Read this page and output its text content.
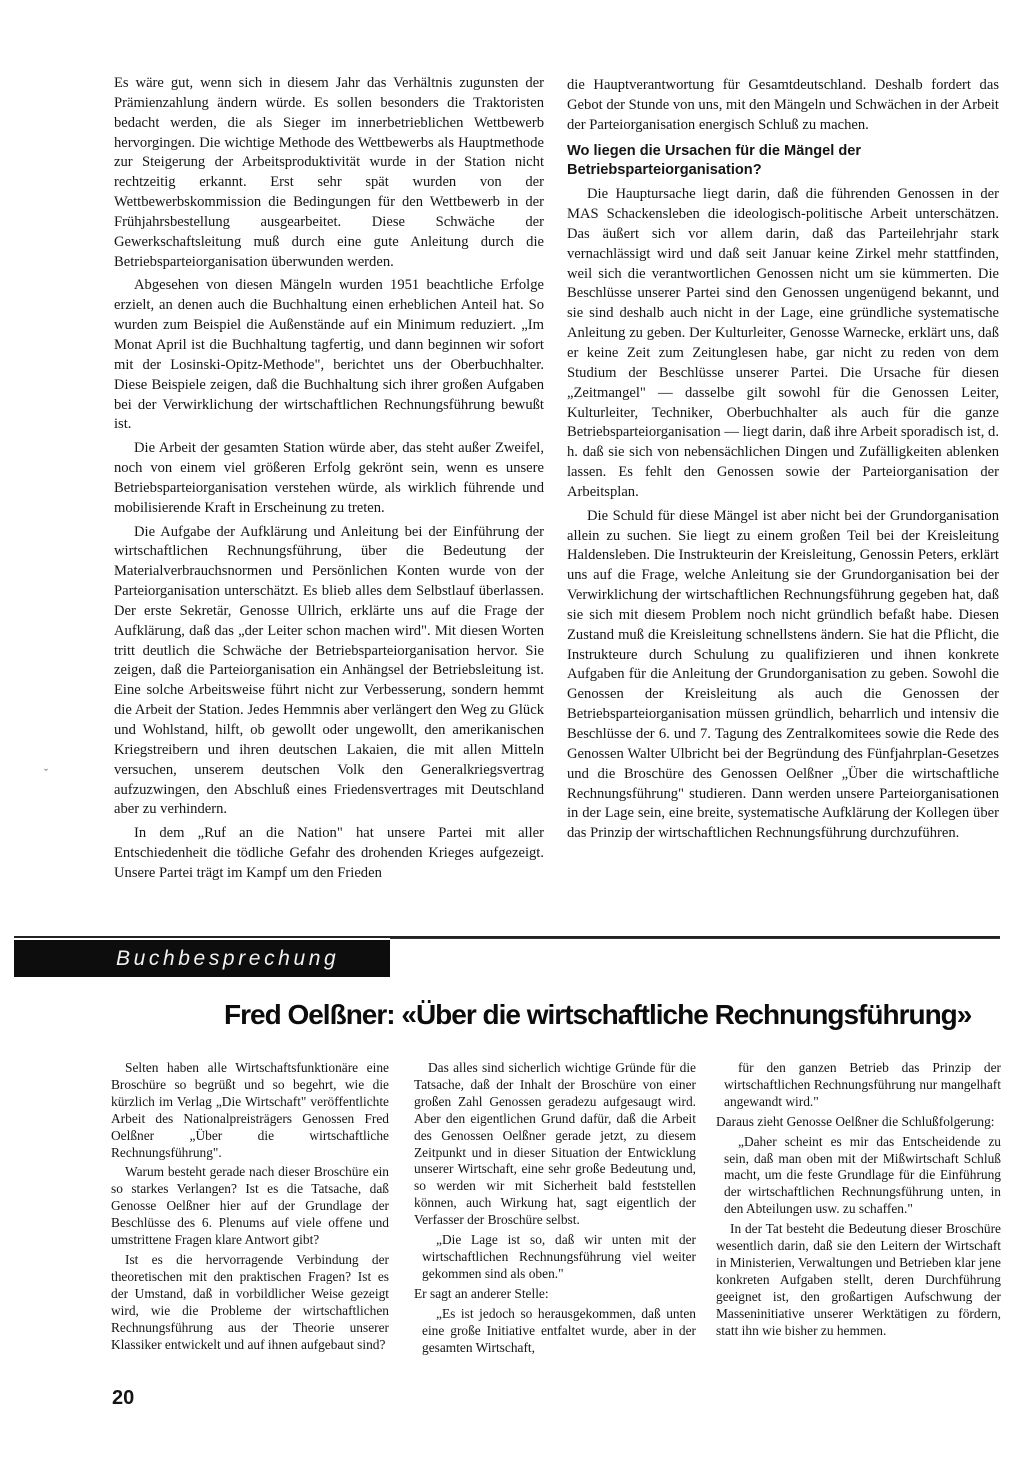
Es wäre gut, wenn sich in diesem Jahr das Verhältnis zugunsten der Prämienzahlung ändern würde. Es sollen besonders die Traktoristen bedacht werden, die als Sieger im innerbetrieblichen Wettbewerb hervorgingen. Die wichtige Methode des Wettbewerbs als Hauptmethode zur Steigerung der Arbeitsproduktivität wurde in der Station nicht rechtzeitig erkannt. Erst sehr spät wurden von der Wettbewerbskommission die Bedingungen für den Wettbewerb in der Frühjahrsbestellung ausgearbeitet. Diese Schwäche der Gewerkschaftsleitung muß durch eine gute Anleitung durch die Betriebsparteiorganisation überwunden werden.

Abgesehen von diesen Mängeln wurden 1951 beachtliche Erfolge erzielt, an denen auch die Buchhaltung einen erheblichen Anteil hat. So wurden zum Beispiel die Außenstände auf ein Minimum reduziert. „Im Monat April ist die Buchhaltung tagfertig, und dann beginnen wir sofort mit der Losinski-Opitz-Methode", berichtet uns der Oberbuchhalter. Diese Beispiele zeigen, daß die Buchhaltung sich ihrer großen Aufgaben bei der Verwirklichung der wirtschaftlichen Rechnungsführung bewußt ist.

Die Arbeit der gesamten Station würde aber, das steht außer Zweifel, noch von einem viel größeren Erfolg gekrönt sein, wenn es unsere Betriebsparteiorganisation verstehen würde, als wirklich führende und mobilisierende Kraft in Erscheinung zu treten.

Die Aufgabe der Aufklärung und Anleitung bei der Einführung der wirtschaftlichen Rechnungsführung, über die Bedeutung der Materialverbrauchsnormen und Persönlichen Konten wurde von der Parteiorganisation unterschätzt. Es blieb alles dem Selbstlauf überlassen. Der erste Sekretär, Genosse Ullrich, erklärte uns auf die Frage der Aufklärung, daß das „der Leiter schon machen wird". Mit diesen Worten tritt deutlich die Schwäche der Betriebsparteiorganisation hervor. Sie zeigen, daß die Parteiorganisation ein Anhängsel der Betriebsleitung ist. Eine solche Arbeitsweise führt nicht zur Verbesserung, sondern hemmt die Arbeit der Station. Jedes Hemmnis aber verlängert den Weg zu Glück und Wohlstand, hilft, ob gewollt oder ungewollt, den amerikanischen Kriegstreibern und ihren deutschen Lakaien, die mit allen Mitteln versuchen, unserem deutschen Volk den Generalkriegsvertrag aufzuzwingen, den Abschluß eines Friedensvertrages mit Deutschland aber zu verhindern.

In dem „Ruf an die Nation" hat unsere Partei mit aller Entschiedenheit die tödliche Gefahr des drohenden Krieges aufgezeigt. Unsere Partei trägt im Kampf um den Frieden

ˇ

die Hauptverantwortung für Gesamtdeutschland. Deshalb fordert das Gebot der Stunde von uns, mit den Mängeln und Schwächen in der Arbeit der Parteiorganisation energisch Schluß zu machen.

Wo liegen die Ursachen für die Mängel der Betriebsparteiorganisation?

Die Hauptursache liegt darin, daß die führenden Genossen in der MAS Schackensleben die ideologisch-politische Arbeit unterschätzen. Das äußert sich vor allem darin, daß das Parteilehrjahr stark vernachlässigt wird und daß seit Januar keine Zirkel mehr stattfinden, weil sich die verantwortlichen Genossen nicht um sie kümmerten. Die Beschlüsse unserer Partei sind den Genossen ungenügend bekannt, und sie sind deshalb auch nicht in der Lage, eine gründliche systematische Anleitung zu geben. Der Kulturleiter, Genosse Warnecke, erklärt uns, daß er keine Zeit zum Zeitunglesen habe, gar nicht zu reden von dem Studium der Beschlüsse unserer Partei. Die Ursache für diesen „Zeitmangel" — dasselbe gilt sowohl für die Genossen Leiter, Kulturleiter, Techniker, Oberbuchhalter als auch für die ganze Betriebsparteiorganisation — liegt darin, daß ihre Arbeit sporadisch ist, d. h. daß sie sich von nebensächlichen Dingen und Zufälligkeiten ablenken lassen. Es fehlt den Genossen sowie der Parteiorganisation der Arbeitsplan.

Die Schuld für diese Mängel ist aber nicht bei der Grundorganisation allein zu suchen. Sie liegt zu einem großen Teil bei der Kreisleitung Haldensleben. Die Instrukteurin der Kreisleitung, Genossin Peters, erklärt uns auf die Frage, welche Anleitung sie der Grundorganisation bei der Verwirklichung der wirtschaftlichen Rechnungsführung gegeben hat, daß sie sich mit diesem Problem noch nicht gründlich befaßt habe. Diesen Zustand muß die Kreisleitung schnellstens ändern. Sie hat die Pflicht, die Instrukteure durch Schulung zu qualifizieren und ihnen konkrete Aufgaben für die Anleitung der Grundorganisation zu geben. Sowohl die Genossen der Kreisleitung als auch die Genossen der Betriebsparteiorganisation müssen gründlich, beharrlich und intensiv die Beschlüsse der 6. und 7. Tagung des Zentralkomitees sowie die Rede des Genossen Walter Ulbricht bei der Begründung des Fünfjahrplan-Gesetzes und die Broschüre des Genossen Oelßner „Über die wirtschaftliche Rechnungsführung" studieren. Dann werden unsere Parteiorganisationen in der Lage sein, eine breite, systematische Aufklärung der Kollegen über das Prinzip der wirtschaftlichen Rechnungsführung durchzuführen.

Buchbesprechung
Fred Oelßner: «Über die wirtschaftliche Rechnungsführung»

Selten haben alle Wirtschaftsfunktionäre eine Broschüre so begrüßt und so begehrt, wie die kürzlich im Verlag „Die Wirtschaft" veröffentlichte Arbeit des Nationalpreisträgers Genossen Fred Oelßner „Über die wirtschaftliche Rechnungsführung".

Warum besteht gerade nach dieser Broschüre ein so starkes Verlangen? Ist es die Tatsache, daß Genosse Oelßner hier auf der Grundlage der Beschlüsse des 6. Plenums auf viele offene und umstrittene Fragen klare Antwort gibt?

Ist es die hervorragende Verbindung der theoretischen mit den praktischen Fragen? Ist es der Umstand, daß in vorbildlicher Weise gezeigt wird, wie die Probleme der wirtschaftlichen Rechnungsführung aus der Theorie unserer Klassiker entwickelt und auf ihnen aufgebaut sind?

Das alles sind sicherlich wichtige Gründe für die Tatsache, daß der Inhalt der Broschüre von einer großen Zahl Genossen geradezu aufgesaugt wird. Aber den eigentlichen Grund dafür, daß die Arbeit des Genossen Oelßner gerade jetzt, zu diesem Zeitpunkt und in dieser Situation der Entwicklung unserer Wirtschaft, eine sehr große Bedeutung und, so werden wir mit Sicherheit bald feststellen können, auch Wirkung hat, sagt eigentlich der Verfasser der Broschüre selbst.

„Die Lage ist so, daß wir unten mit der wirtschaftlichen Rechnungsführung viel weiter gekommen sind als oben."

Er sagt an anderer Stelle:

„Es ist jedoch so herausgekommen, daß unten eine große Initiative entfaltet wurde, aber in der gesamten Wirtschaft,

für den ganzen Betrieb das Prinzip der wirtschaftlichen Rechnungsführung nur mangelhaft angewandt wird."

Daraus zieht Genosse Oelßner die Schlußfolgerung:

„Daher scheint es mir das Entscheidende zu sein, daß man oben mit der Mißwirtschaft Schluß macht, um die feste Grundlage für die Einführung der wirtschaftlichen Rechnungsführung unten, in den Abteilungen usw. zu schaffen."

In der Tat besteht die Bedeutung dieser Broschüre wesentlich darin, daß sie den Leitern der Wirtschaft in Ministerien, Verwaltungen und Betrieben klar jene konkreten Aufgaben stellt, deren Durchführung geeignet ist, den großartigen Aufschwung der Masseninitiative unserer Werktätigen zu fördern, statt ihn wie bisher zu hemmen.

20
